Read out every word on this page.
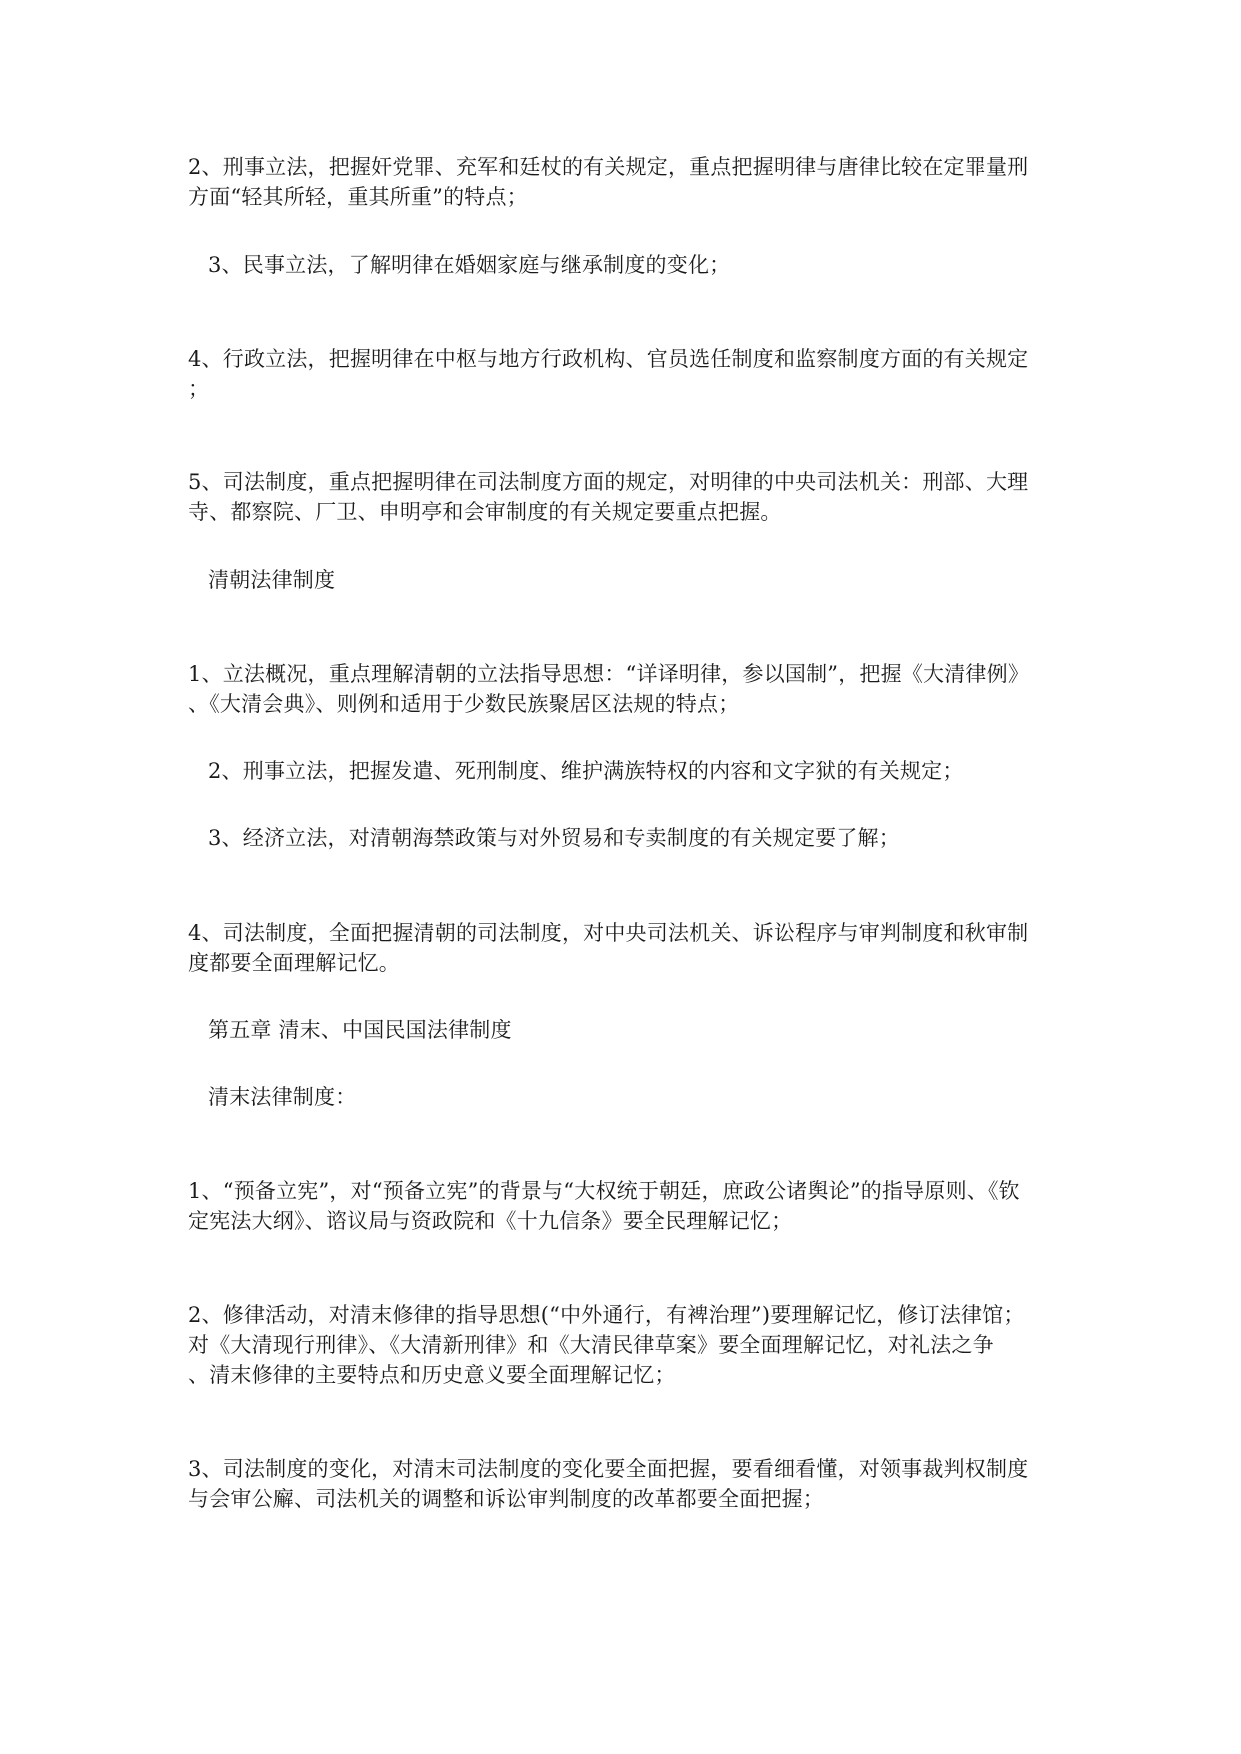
2、刑事立法，把握奸党罪、充军和廷杖的有关规定，重点把握明律与唐律比较在定罪量刑
方面“轻其所轻，重其所重”的特点；
3、民事立法，了解明律在婚姻家庭与继承制度的变化；
4、行政立法，把握明律在中枢与地方行政机构、官员选任制度和监察制度方面的有关规定
；
5、司法制度，重点把握明律在司法制度方面的规定，对明律的中央司法机关：刑部、大理
寺、都察院、厂卫、申明亭和会审制度的有关规定要重点把握。
清朝法律制度
1、立法概况，重点理解清朝的立法指导思想：“详译明律，参以国制”，把握《大清律例》
、《大清会典》、则例和适用于少数民族聚居区法规的特点；
2、刑事立法，把握发遣、死刑制度、维护满族特权的内容和文字狱的有关规定；
3、经济立法，对清朝海禁政策与对外贸易和专卖制度的有关规定要了解；
4、司法制度，全面把握清朝的司法制度，对中央司法机关、诉讼程序与审判制度和秋审制
度都要全面理解记忆。
第五章 清末、中国民国法律制度
清末法律制度：
1、“预备立宪”，对“预备立宪”的背景与“大权统于朝廷，庶政公诸舆论”的指导原则、《钦
定宪法大纲》、谘议局与资政院和《十九信条》要全民理解记忆；
2、修律活动，对清末修律的指导思想(“中外通行，有裨治理”)要理解记忆，修订法律馆；
对《大清现行刑律》、《大清新刑律》和《大清民律草案》要全面理解记忆，对礼法之争
、清末修律的主要特点和历史意义要全面理解记忆；
3、司法制度的变化，对清末司法制度的变化要全面把握，要看细看懂，对领事裁判权制度
与会审公廨、司法机关的调整和诉讼审判制度的改革都要全面把握；
